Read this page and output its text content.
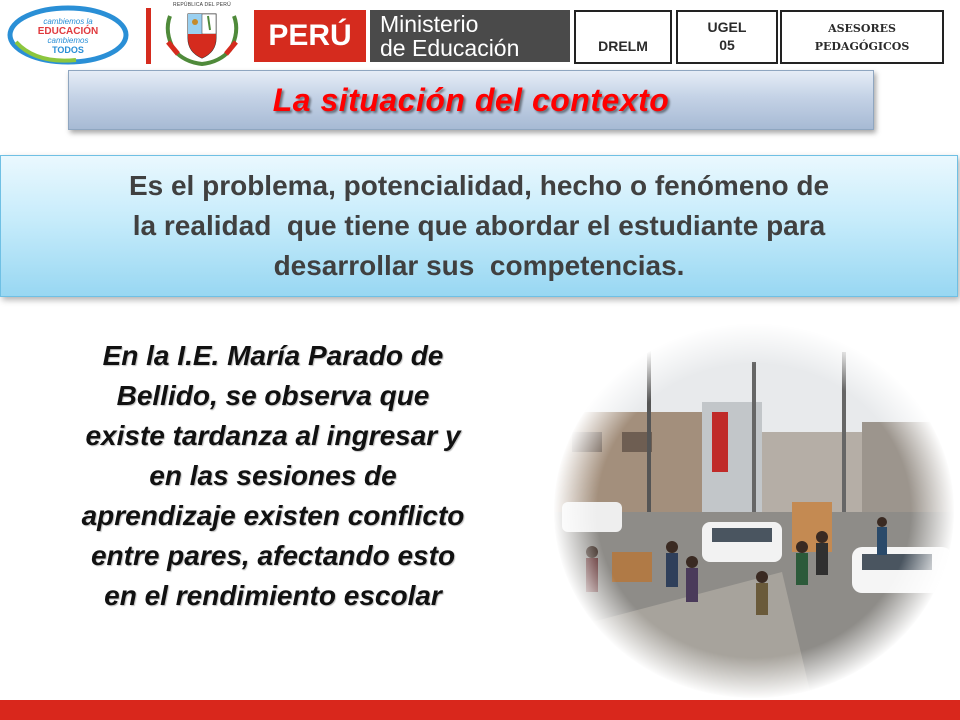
cambiemos la
EDUCACIÓN
cambiemos
TODOS
REPÚBLICA DEL PERÚ
PERÚ	Ministerio
de Educación	DRELM
UGEL
05
ASESORES
PEDAGÓGICOS
La situación del contexto
Es el problema, potencialidad, hecho o fenómeno de
la realidad  que tiene que abordar el estudiante para
desarrollar sus  competencias.
En la I.E. María Parado de
Bellido, se observa que
existe tardanza al ingresar y
en las sesiones de
aprendizaje existen conflicto
entre pares, afectando esto
en el rendimiento escolar
